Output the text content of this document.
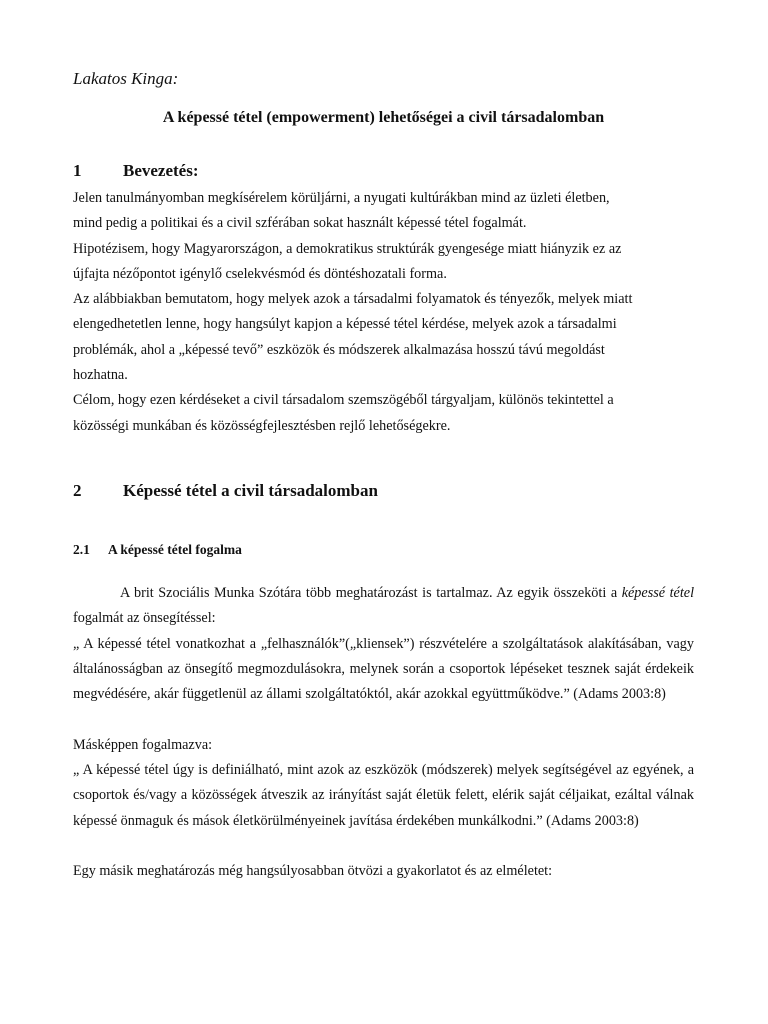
Lakatos Kinga:

A képessé tétel (empowerment) lehetőségei a civil társadalomban

1 Bevezetés:

Jelen tanulmányomban megkísérelem körüljárni, a nyugati kultúrákban mind az üzleti életben,

mind pedig a politikai és a civil szférában sokat használt képessé tétel fogalmát.

Hipotézisem, hogy Magyarországon, a demokratikus struktúrák gyengesége miatt hiányzik ez az

újfajta nézőpontot igénylő cselekvésmód és döntéshozatali forma.

Az alábbiakban bemutatom, hogy melyek azok a társadalmi folyamatok és tényezők, melyek miatt

elengedhetetlen lenne, hogy hangsúlyt kapjon a képessé tétel kérdése, melyek azok a társadalmi

problémák, ahol a „képessé tevő” eszközök és módszerek alkalmazása hosszú távú megoldást

hozhatna.

Célom, hogy ezen kérdéseket a civil társadalom szemszögéből tárgyaljam, különös tekintettel a

közösségi munkában és közösségfejlesztésben rejlő lehetőségekre.

2 Képessé tétel a civil társadalomban
2.1 A képessé tétel fogalma

A brit Szociális Munka Szótára több meghatározást is tartalmaz. Az egyik összeköti a képessé tétel fogalmát az önsegítéssel:

„ A képessé tétel vonatkozhat a „felhasználók”(„kliensek”) részvételére a szolgáltatások alakításában, vagy általánosságban az önsegítő megmozdulásokra, melynek során a csoportok lépéseket tesznek saját érdekeik megvédésére, akár függetlenül az állami szolgáltatóktól, akár azokkal együttműködve.” (Adams 2003:8)

Másképpen fogalmazva:

„ A képessé tétel úgy is definiálható, mint azok az eszközök (módszerek) melyek segítségével az egyének, a csoportok és/vagy a közösségek átveszik az irányítást saját életük felett, elérik saját céljaikat, ezáltal válnak képessé önmaguk és mások életkörülményeinek javítása érdekében munkálkodni.” (Adams 2003:8)

Egy másik meghatározás még hangsúlyosabban ötvözi a gyakorlatot és az elméletet:
